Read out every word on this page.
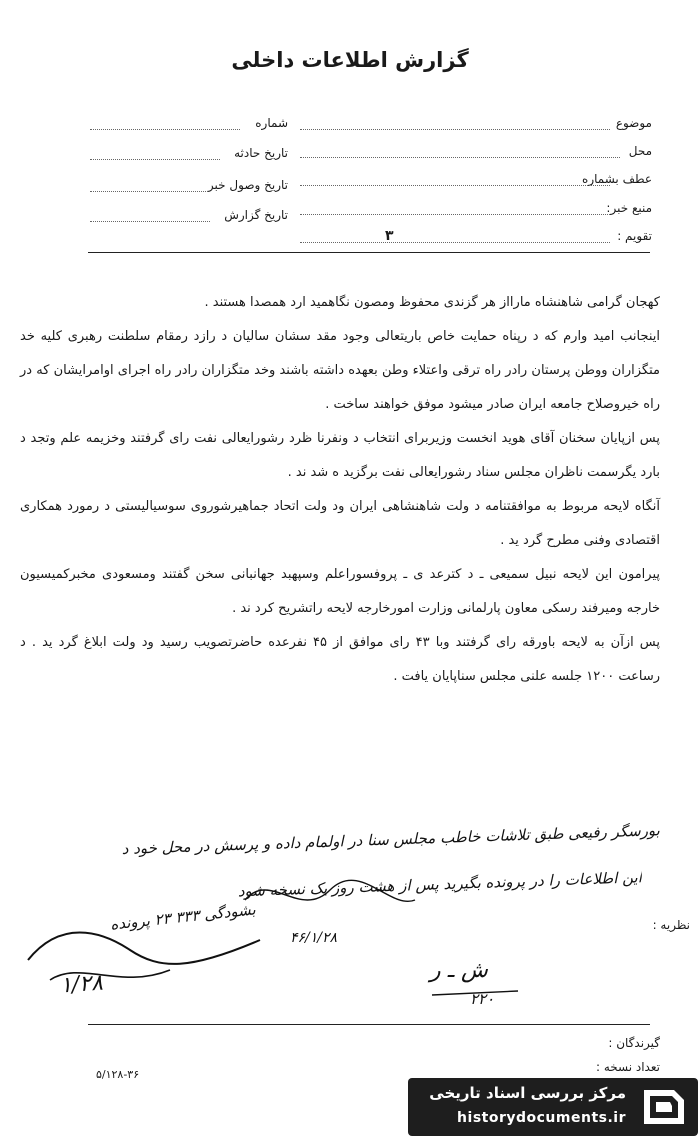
گزارش اطلاعات داخلی
موضوع
محل
عطف بشماره
منبع خبر:
تقویم :
شماره
تاریخ حادثه
تاریخ وصول خبر
تاریخ گزارش
۳

کهجان گرامی شاهنشاه مارااز هر گزندی محفوظ ومصون نگاهمید ارد همصدا هستند .

اینجانب امید وارم که د رپناه حمایت خاص باریتعالی وجود مقد سشان سالیان د رازد رمقام سلطنت رهبری کلیه خد متگزاران ووطن پرستان رادر راه ترقی واعتلاء وطن بعهده داشته باشند وخد متگزاران رادر راه اجرای اوامرایشان که در راه خیروصلاح جامعه ایران صادر میشود موفق خواهند ساخت .

پس ازپایان سخنان آقای هوید انخست وزیربرای انتخاب د ونفرنا ظرد رشورایعالی نفت رای گرفتند وخزیمه علم وتجد د بارد یگرسمت ناظران مجلس سناد رشورایعالی نفت برگزید ه شد ند .

آنگاه لایحه مربوط به موافقتنامه د ولت شاهنشاهی ایران ود ولت اتحاد جماهیرشوروی سوسیالیستی د رمورد همکاری اقتصادی وفنی مطرح گرد ید .

پیرامون این لایحه نبیل سمیعی ـ د کترعد ی ـ پروفسوراعلم وسپهبد جهانبانی سخن گفتند ومسعودی مخبرکمیسیون خارجه ومیرفند رسکی معاون پارلمانی وزارت امورخارجه لایحه راتشریح کرد ند .

پس ازآن به لایحه باورقه رای گرفتند وبا ۴۳ رای موافق از ۴۵ نفرعده حاضرتصویب رسید ود ولت ابلاغ گرد ید . د رساعت ۱۲۰۰ جلسه علنی مجلس سناپایان یافت .

بورسگر رفیعی طبق تلاشات خاطب مجلس سنا در اولمام داده و پرسش در محل خود د
این اطلاعات را در پرونده بگیرید پس از هشت روز یک نسخه شود
نظریه :
۴۶/۱/۲۸
بشودگی ۳۳۳ ۲۳ پرونده
۱/۲۸
ش ـ ر
۲۲۰
گیرندگان :
تعداد نسخه :
۵/۱۲۸-۳۶
مرکز بررسی اسناد تاریخی
historydocuments.ir
